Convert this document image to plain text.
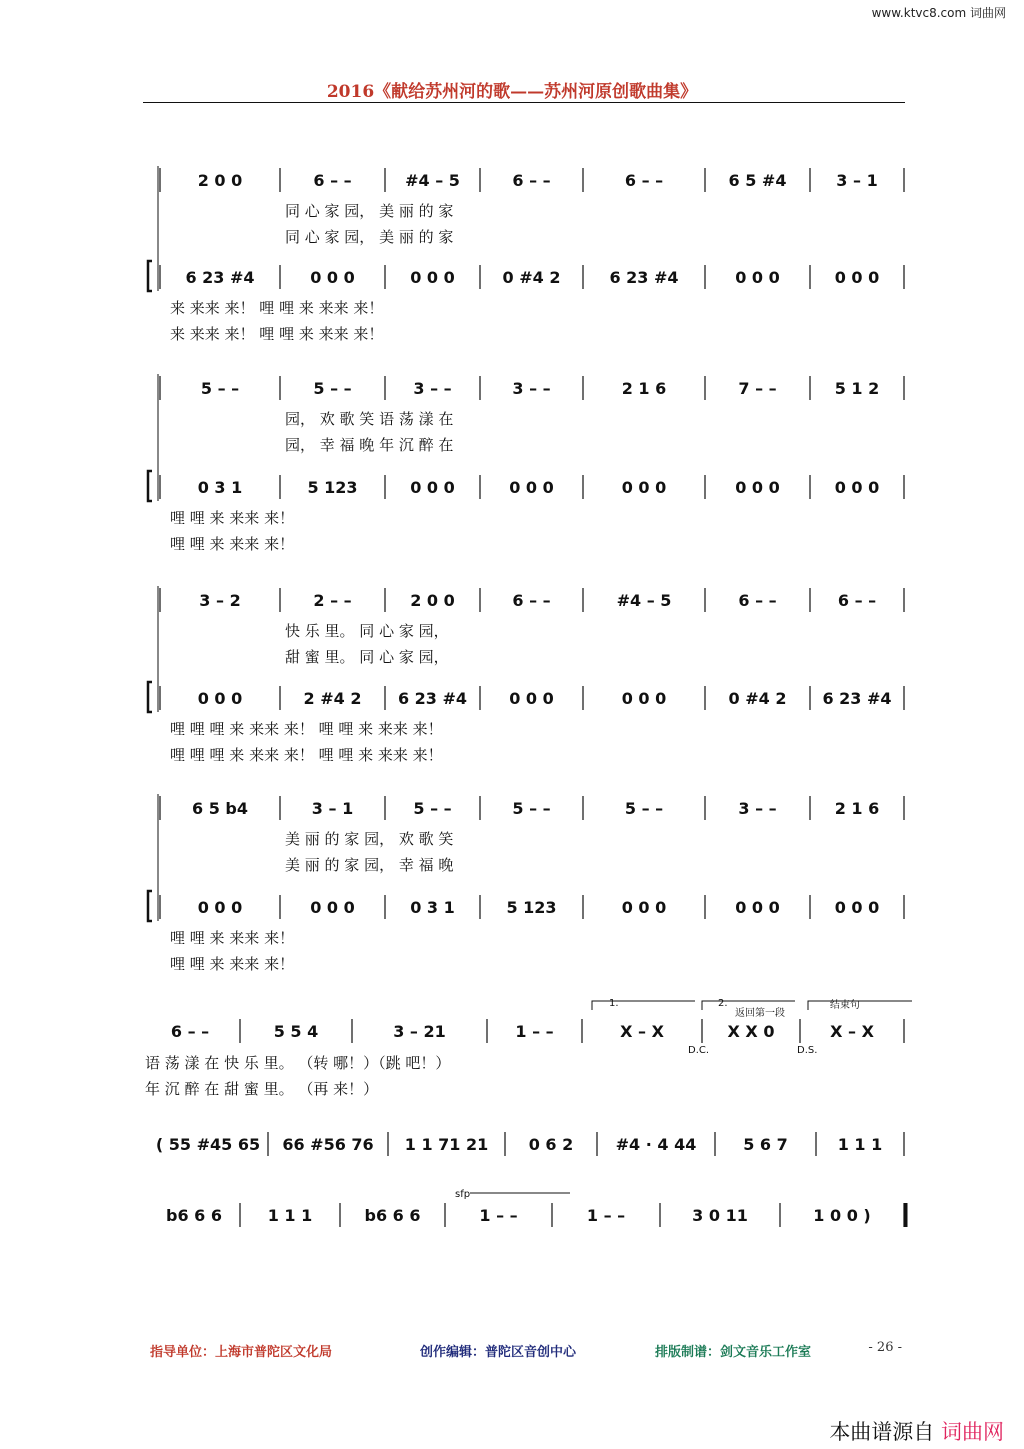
www.ktvc8.com 词曲网
2016《献给苏州河的歌——苏州河原创歌曲集》
2 0 0
6 23 #4
6 – –
0 0 0
#4 – 5
0 0 0
6 – –
0 #4 2
6 – –
6 23 #4
6 5 #4
0 0 0
3 – 1
0 0 0
同 心 家 园， 美 丽 的 家
同 心 家 园， 美 丽 的 家
来 来来 来！ 哩 哩 来 来来 来！
来 来来 来！ 哩 哩 来 来来 来！
5 – –
0 3 1
5 – –
5 123
3 – –
0 0 0
3 – –
0 0 0
2 1 6
0 0 0
7 – –
0 0 0
5 1 2
0 0 0
园， 欢 歌 笑 语 荡 漾 在
园， 幸 福 晚 年 沉 醉 在
哩 哩 来 来来 来！
哩 哩 来 来来 来！
3 – 2
0 0 0
2 – –
2 #4 2
2 0 0
6 23 #4
6 – –
0 0 0
#4 – 5
0 0 0
6 – –
0 #4 2
6 – –
6 23 #4
快 乐 里。 同 心 家 园，
甜 蜜 里。 同 心 家 园，
哩 哩 哩 来 来来 来！ 哩 哩 来 来来 来！
哩 哩 哩 来 来来 来！ 哩 哩 来 来来 来！
6 5 b4
0 0 0
3 – 1
0 0 0
5 – –
0 3 1
5 – –
5 123
5 – –
0 0 0
3 – –
0 0 0
2 1 6
0 0 0
美 丽 的 家 园， 欢 歌 笑
美 丽 的 家 园， 幸 福 晚
哩 哩 来 来来 来！
哩 哩 来 来来 来！
6 – –	5 5 4	3 – 21	1 – –	X – X	X X 0	X – X
语 荡 漾 在 快 乐 里。 （转 哪！）（跳 吧！）
年 沉 醉 在 甜 蜜 里。 （再 来！）
1.	2.
返回第一段
结束句
D.C.	D.S.
( 55 #45 65 66 #56 76 1 1 71 21	0 6 2	#4 · 4 44	5 6 7	1 1 1
b6 6 6	1 1 1	b6 6 6	1 – –	1 – –	3 0 11	1 0 0 )
sfp
指导单位：上海市普陀区文化局	创作编辑：普陀区音创中心	排版制谱：剑文音乐工作室	- 26 -
本曲谱源自 词曲网
